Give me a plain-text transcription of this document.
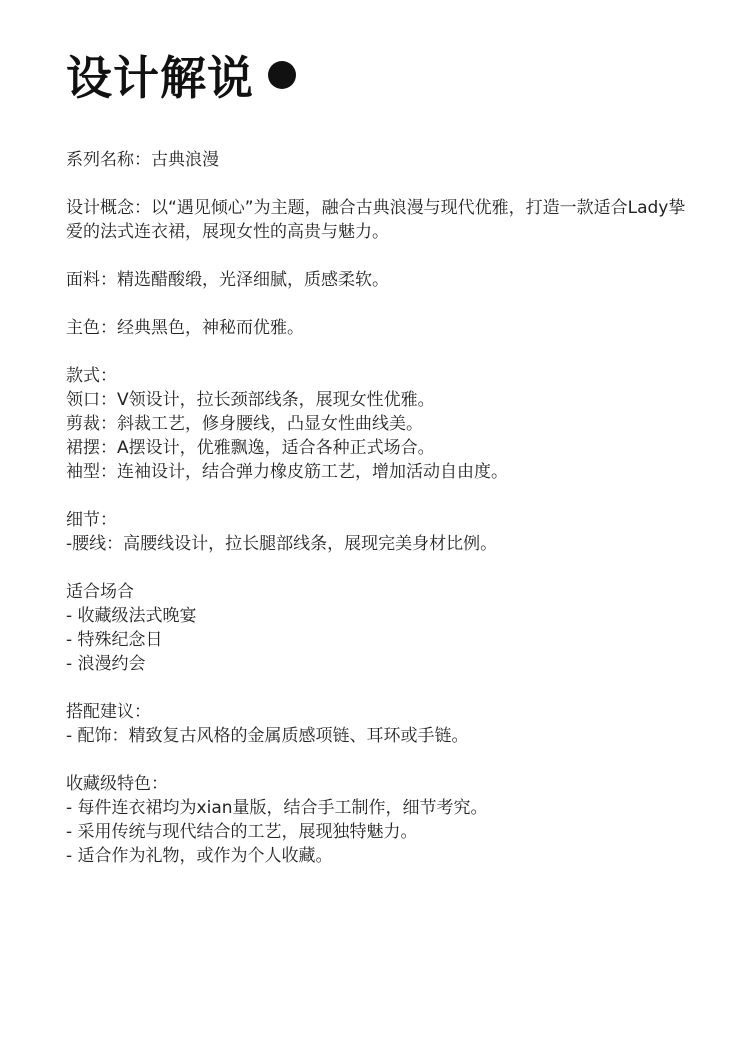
设计解说
系列名称：古典浪漫
设计概念：以“遇见倾心”为主题，融合古典浪漫与现代优雅，打造一款适合Lady挚爱的法式连衣裙，展现女性的高贵与魅力。
面料：精选醋酸缎，光泽细腻，质感柔软。
主色：经典黑色，神秘而优雅。
款式：
领口：V领设计，拉长颈部线条，展现女性优雅。
剪裁：斜裁工艺，修身腰线，凸显女性曲线美。
裙摆：A摆设计，优雅飘逸，适合各种正式场合。
袖型：连袖设计，结合弹力橡皮筋工艺，增加活动自由度。
细节：
-腰线：高腰线设计，拉长腿部线条，展现完美身材比例。
适合场合
- 收藏级法式晚宴
- 特殊纪念日
- 浪漫约会
搭配建议：
- 配饰：精致复古风格的金属质感项链、耳环或手链。
收藏级特色：
- 每件连衣裙均为xian量版，结合手工制作，细节考究。
- 采用传统与现代结合的工艺，展现独特魅力。
- 适合作为礼物，或作为个人收藏。
